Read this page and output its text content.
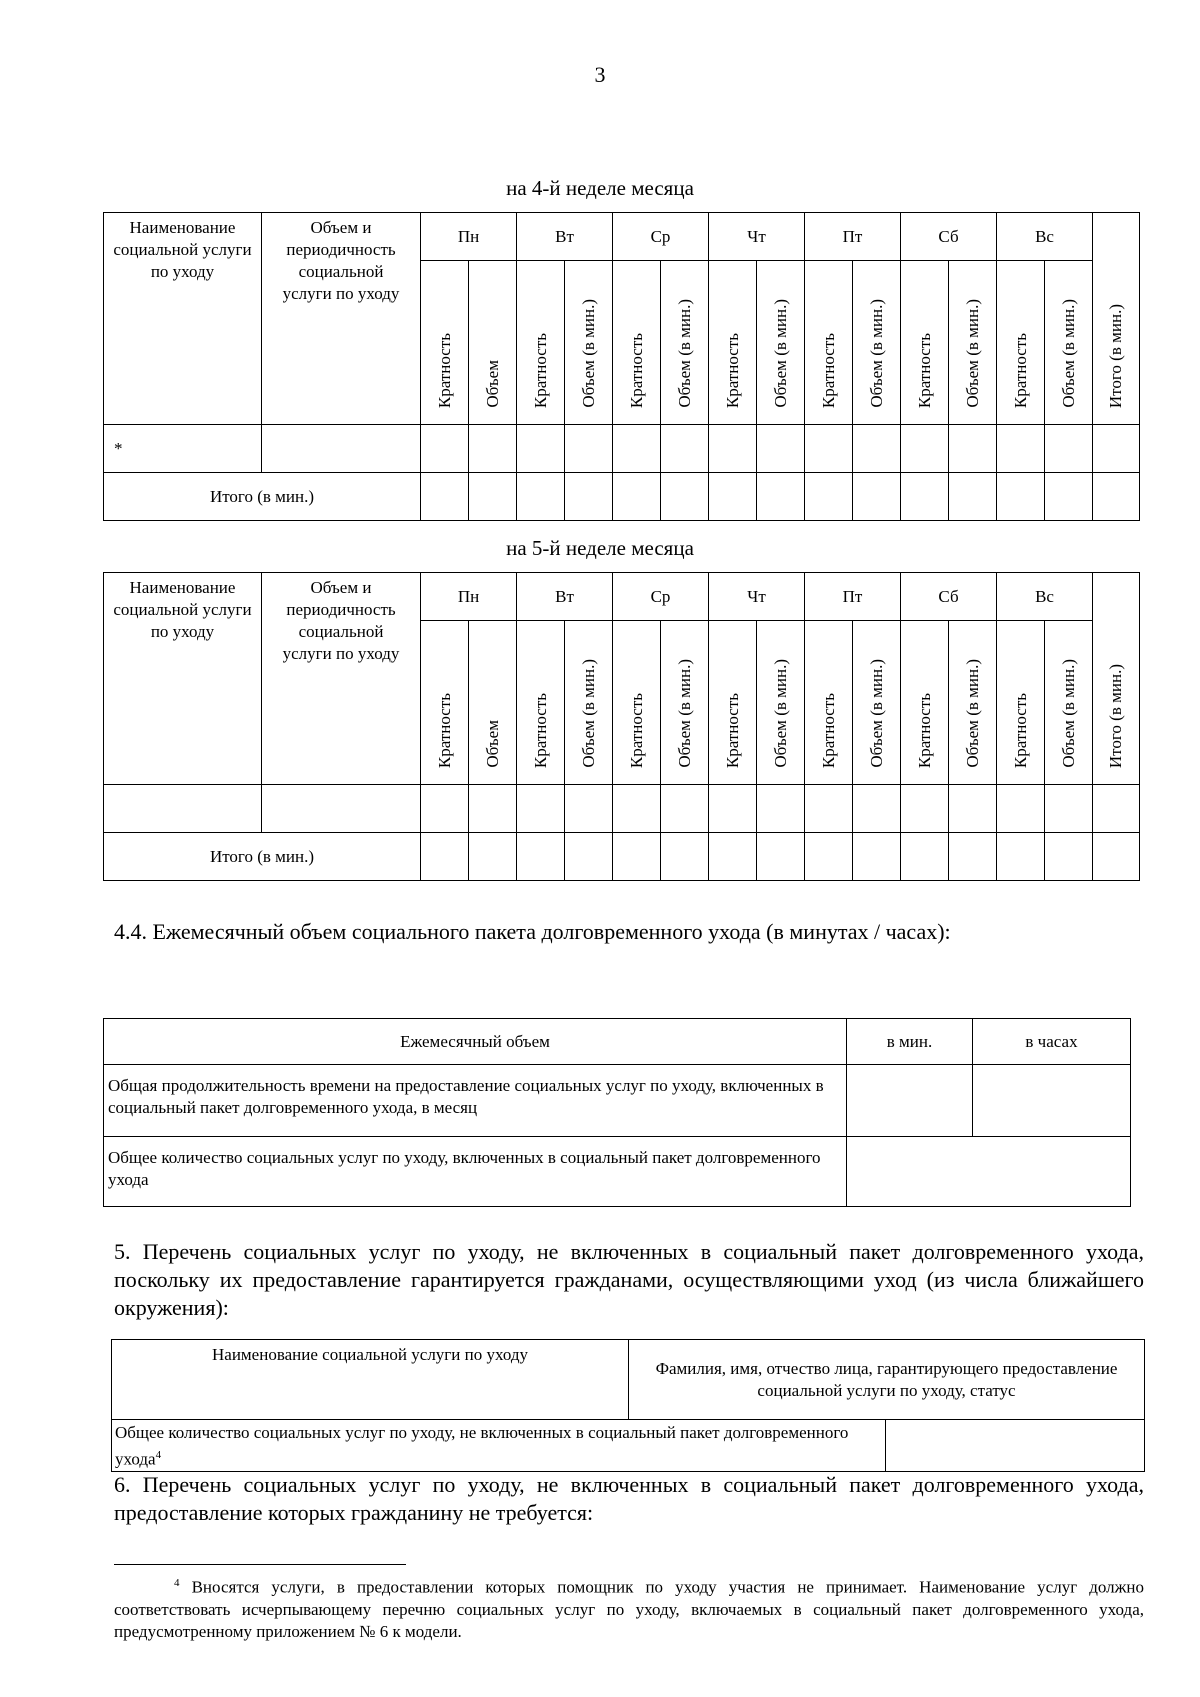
3
на 4-й неделе месяца
Наименование социальной услуги по уходу	Объем и периодичность социальной услуги по уходу	Пн		Вт		Ср		Чт		Пт		Сб		Вс		Итого (в мин.)
		Кратность	Объем	Кратность	Объем (в мин.)	Кратность	Объем (в мин.)	Кратность	Объем (в мин.)	Кратность	Объем (в мин.)	Кратность	Объем (в мин.)	Кратность	Объем (в мин.)	
*																
Итого (в мин.)																
на 5-й неделе месяца
Наименование социальной услуги по уходу	Объем и периодичность социальной услуги по уходу	Пн		Вт		Ср		Чт		Пт		Сб		Вс		Итого (в мин.)
		Кратность	Объем	Кратность	Объем (в мин.)	Кратность	Объем (в мин.)	Кратность	Объем (в мин.)	Кратность	Объем (в мин.)	Кратность	Объем (в мин.)	Кратность	Объем (в мин.)	

Итого (в мин.)																
4.4. Ежемесячный объем социального пакета долговременного ухода (в минутах / часах):
Ежемесячный объем	в мин.	в часах
Общая продолжительность времени на предоставление социальных услуг по уходу, включенных в социальный пакет долговременного ухода, в месяц		
Общее количество социальных услуг по уходу, включенных в социальный пакет долговременного ухода		
5. Перечень социальных услуг по уходу, не включенных в социальный пакет долговременного ухода, поскольку их предоставление гарантируется гражданами, осуществляющими уход (из числа ближайшего окружения):
Наименование социальной услуги по уходу	Фамилия, имя, отчество лица, гарантирующего предоставление социальной услуги по уходу, статус	
Общее количество социальных услуг по уходу, не включенных в социальный пакет долговременного ухода$^4$	
6. Перечень социальных услуг по уходу, не включенных в социальный пакет долговременного ухода, предоставление которых гражданину не требуется:
$^4$ Вносятся услуги, в предоставлении которых помощник по уходу участия не принимает. Наименование услуг должно соответствовать исчерпывающему перечню социальных услуг по уходу, включаемых в социальный пакет долговременного ухода, предусмотренному приложением № 6 к модели.
